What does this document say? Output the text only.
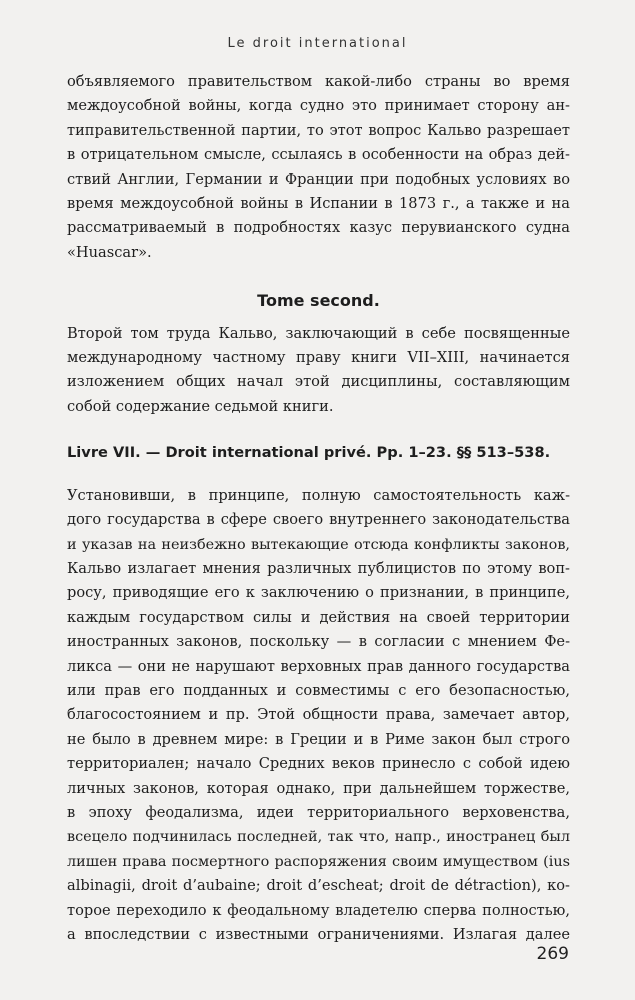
Le droit international
объявляемого правительством какой-либо страны во время
междоусобной войны, когда судно это принимает сторону ан-
типравительственной партии, то этот вопрос Кальво разрешает
в отрицательном смысле, ссылаясь в особенности на образ дей-
ствий Англии, Германии и Франции при подобных условиях во
время междоусобной войны в Испании в 1873 г., а также и на
рассматриваемый в подробностях казус перувианского судна
«Huascar».
Tome second.
Второй том труда Кальво, заключающий в себе посвященные
международному частному праву книги VII–XIII, начинается
изложением общих начал этой дисциплины, составляющим
собой содержание седьмой книги.
Livre VII. — Droit international privé. Pp. 1–23. §§ 513–538.
Установивши, в принципе, полную самостоятельность каж-
дого государства в сфере своего внутреннего законодательства
и указав на неизбежно вытекающие отсюда конфликты законов,
Кальво излагает мнения различных публицистов по этому воп-
росу, приводящие его к заключению о признании, в принципе,
каждым государством силы и действия на своей территории
иностранных законов, поскольку — в согласии с мнением Фе-
ликса — они не нарушают верховных прав данного государства
или прав его подданных и совместимы с его безопасностью,
благосостоянием и пр. Этой общности права, замечает автор,
не было в древнем мире: в Греции и в Риме закон был строго
территориален; начало Средних веков принесло с собой идею
личных законов, которая однако, при дальнейшем торжестве,
в эпоху феодализма, идеи территориального верховенства,
всецело подчинилась последней, так что, напр., иностранец был
лишен права посмертного распоряжения своим имуществом (ius
albinagii, droit d’aubaine; droit d’escheat; droit de détraction), ко-
торое переходило к феодальному владетелю сперва полностью,
а впоследствии с известными ограничениями. Излагая далее
269
